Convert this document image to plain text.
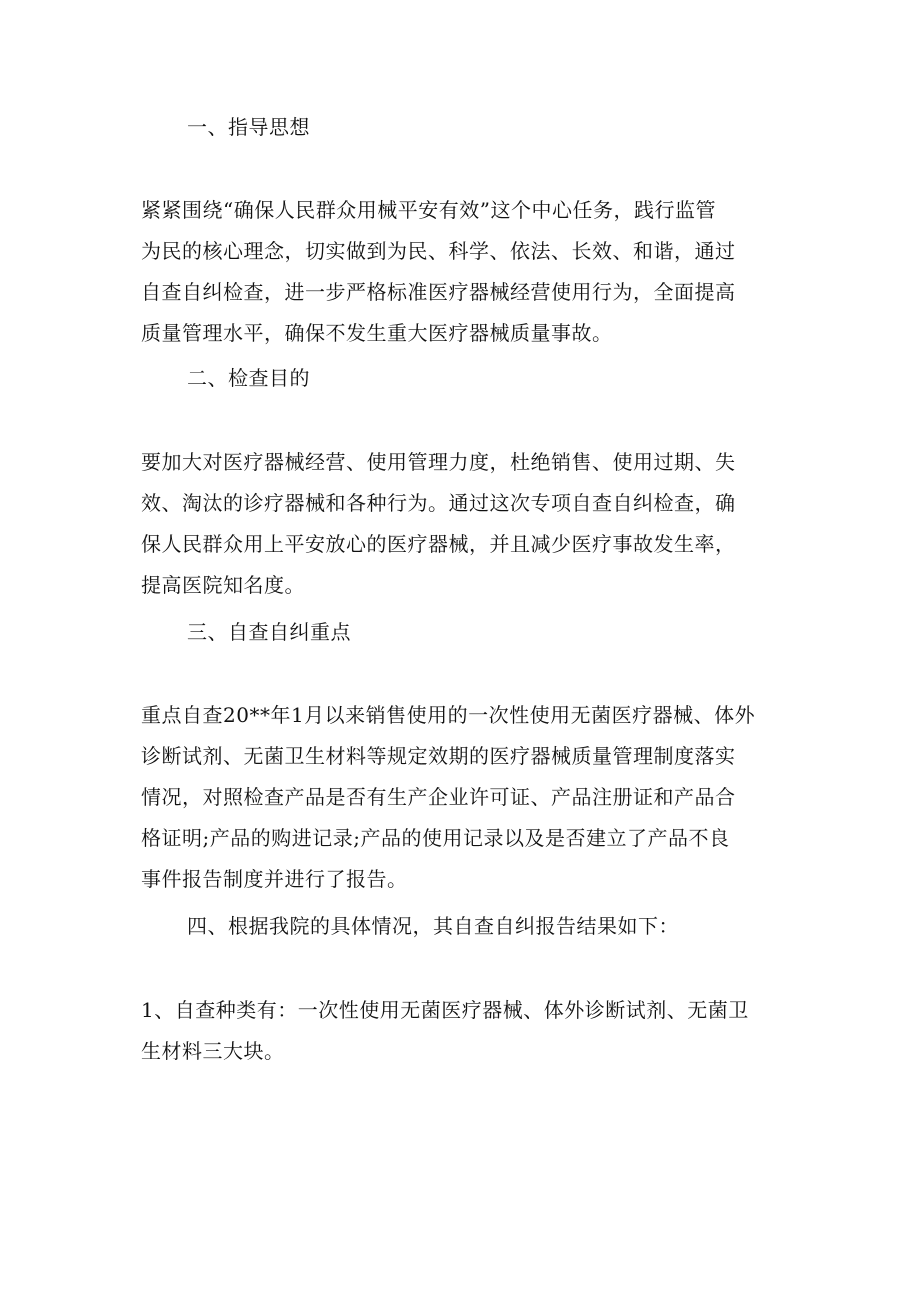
一、指导思想
紧紧围绕“确保人民群众用械平安有效”这个中心任务，践行监管
为民的核心理念，切实做到为民、科学、依法、长效、和谐，通过
自查自纠检查，进一步严格标准医疗器械经营使用行为，全面提高
质量管理水平，确保不发生重大医疗器械质量事故。
二、检查目的
要加大对医疗器械经营、使用管理力度，杜绝销售、使用过期、失
效、淘汰的诊疗器械和各种行为。通过这次专项自查自纠检查，确
保人民群众用上平安放心的医疗器械，并且减少医疗事故发生率，
提高医院知名度。
三、自查自纠重点
重点自查20**年1月以来销售使用的一次性使用无菌医疗器械、体外
诊断试剂、无菌卫生材料等规定效期的医疗器械质量管理制度落实
情况，对照检查产品是否有生产企业许可证、产品注册证和产品合
格证明;产品的购进记录;产品的使用记录以及是否建立了产品不良
事件报告制度并进行了报告。
四、根据我院的具体情况，其自查自纠报告结果如下：
1、自查种类有：一次性使用无菌医疗器械、体外诊断试剂、无菌卫
生材料三大块。
